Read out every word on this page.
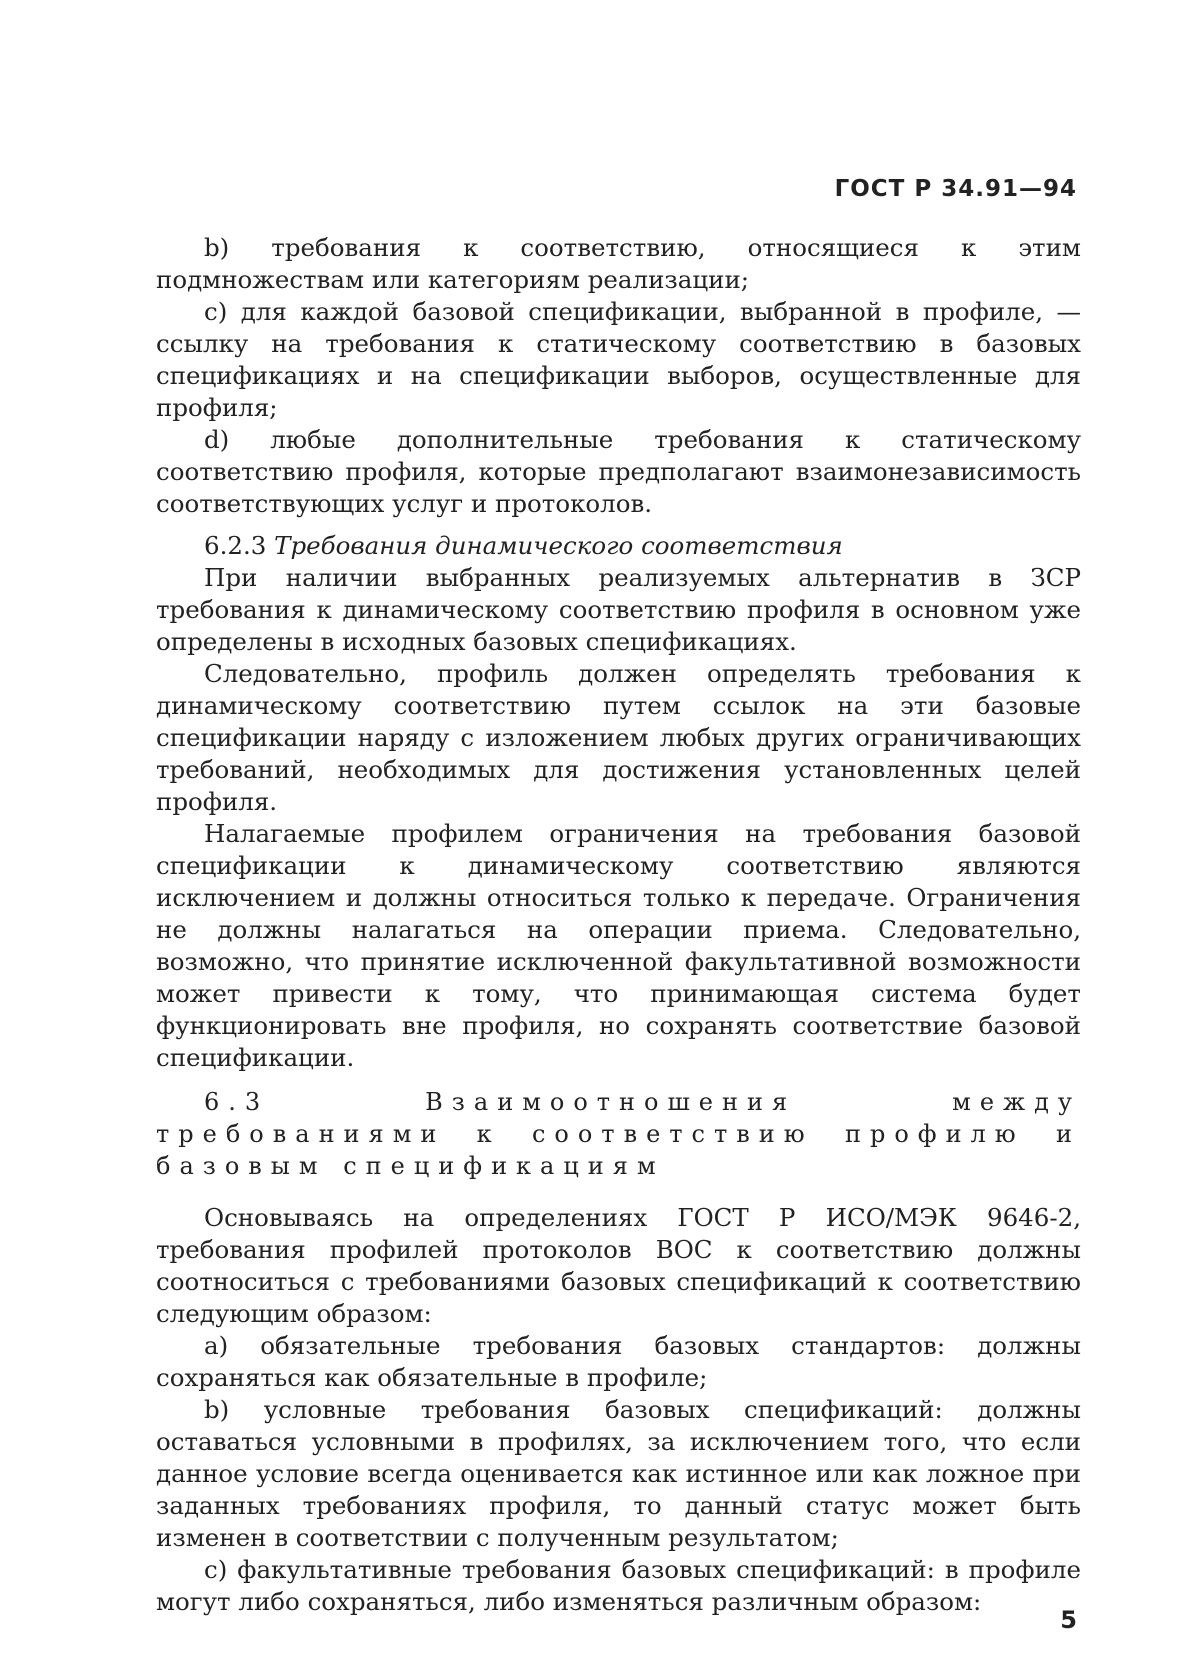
ГОСТ Р 34.91—94

b) требования к соответствию, относящиеся к этим подмножествам или категориям реализации;

c) для каждой базовой спецификации, выбранной в профиле, — ссылку на требования к статическому соответствию в базовых спецификациях и на спецификации выборов, осуществленные для профиля;

d) любые дополнительные требования к статическому соответствию профиля, которые предполагают взаимонезависимость соответствующих услуг и протоколов.

6.2.3 Требования динамического соответствия

При наличии выбранных реализуемых альтернатив в ЗСР требования к динамическому соответствию профиля в основном уже определены в исходных базовых спецификациях.

Следовательно, профиль должен определять требования к динамическому соответствию путем ссылок на эти базовые спецификации наряду с изложением любых других ограничивающих требований, необходимых для достижения установленных целей профиля.

Налагаемые профилем ограничения на требования базовой спецификации к динамическому соответствию являются исключением и должны относиться только к передаче. Ограничения не должны налагаться на операции приема. Следовательно, возможно, что принятие исключенной факультативной возможности может привести к тому, что принимающая система будет функционировать вне профиля, но сохранять соответствие базовой спецификации.

6.3 Взаимоотношения между требованиями к соответствию профилю и базовым спецификациям

Основываясь на определениях ГОСТ Р ИСО/МЭК 9646-2, требования профилей протоколов ВОС к соответствию должны соотноситься с требованиями базовых спецификаций к соответствию следующим образом:

а) обязательные требования базовых стандартов: должны сохраняться как обязательные в профиле;

b) условные требования базовых спецификаций: должны оставаться условными в профилях, за исключением того, что если данное условие всегда оценивается как истинное или как ложное при заданных требованиях профиля, то данный статус может быть изменен в соответствии с полученным результатом;

с) факультативные требования базовых спецификаций: в профиле могут либо сохраняться, либо изменяться различным образом:

5
